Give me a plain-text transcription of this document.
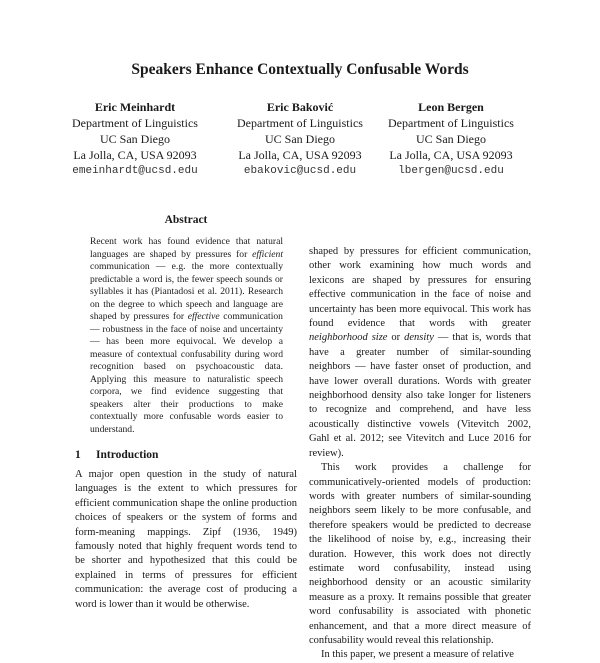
Speakers Enhance Contextually Confusable Words
Eric Meinhardt
Department of Linguistics
UC San Diego
La Jolla, CA, USA 92093
emeinhardt@ucsd.edu
Eric Baković
Department of Linguistics
UC San Diego
La Jolla, CA, USA 92093
ebakovic@ucsd.edu
Leon Bergen
Department of Linguistics
UC San Diego
La Jolla, CA, USA 92093
lbergen@ucsd.edu
Abstract

Recent work has found evidence that natural languages are shaped by pressures for efficient communication — e.g. the more contextually predictable a word is, the fewer speech sounds or syllables it has (Piantadosi et al. 2011). Research on the degree to which speech and language are shaped by pressures for effective communication — robustness in the face of noise and uncertainty — has been more equivocal. We develop a measure of contextual confusability during word recognition based on psychoacoustic data. Applying this measure to naturalistic speech corpora, we find evidence suggesting that speakers alter their productions to make contextually more confusable words easier to understand.

1 Introduction

A major open question in the study of natural languages is the extent to which pressures for efficient communication shape the online production choices of speakers or the system of forms and form-meaning mappings. Zipf (1936, 1949) famously noted that highly frequent words tend to be shorter and hypothesized that this could be explained in terms of pressures for efficient communication: the average cost of producing a word is lower than it would be otherwise.

shaped by pressures for efficient communication, other work examining how much words and lexicons are shaped by pressures for ensuring effective communication in the face of noise and uncertainty has been more equivocal. This work has found evidence that words with greater neighborhood size or density — that is, words that have a greater number of similar-sounding neighbors — have faster onset of production, and have lower overall durations. Words with greater neighborhood density also take longer for listeners to recognize and comprehend, and have less acoustically distinctive vowels (Vitevitch 2002, Gahl et al. 2012; see Vitevitch and Luce 2016 for review).

This work provides a challenge for communicatively-oriented models of production: words with greater numbers of similar-sounding neighbors seem likely to be more confusable, and therefore speakers would be predicted to decrease the likelihood of noise by, e.g., increasing their duration. However, this work does not directly estimate word confusability, instead using neighborhood density or an acoustic similarity measure as a proxy. It remains possible that greater word confusability is associated with phonetic enhancement, and that a more direct measure of confusability would reveal this relationship.

In this paper, we present a measure of relative
